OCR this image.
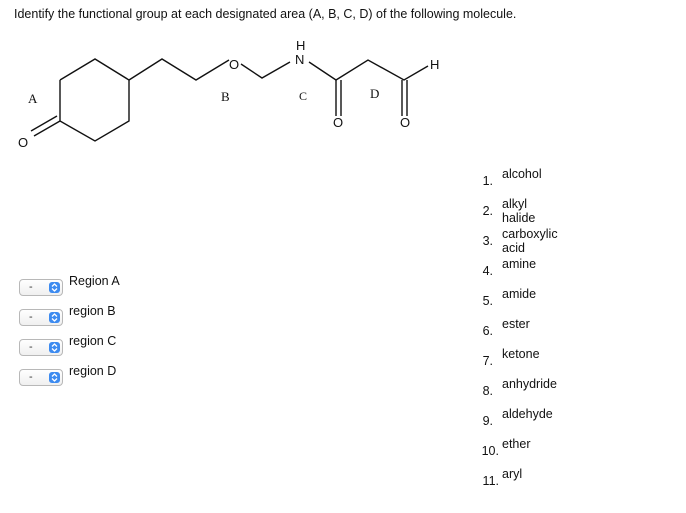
Identify the functional group at each designated area (A, B, C, D) of the following molecule.
O
O
H
N
O	O
H
A	B	C	D
-	Region A
-	region B
-	region C
-	region D
1. alcohol
2. alkyl halide
3. carboxylic acid
4. amine
5. amide
6. ester
7. ketone
8. anhydride
9. aldehyde
10. ether
11. aryl
